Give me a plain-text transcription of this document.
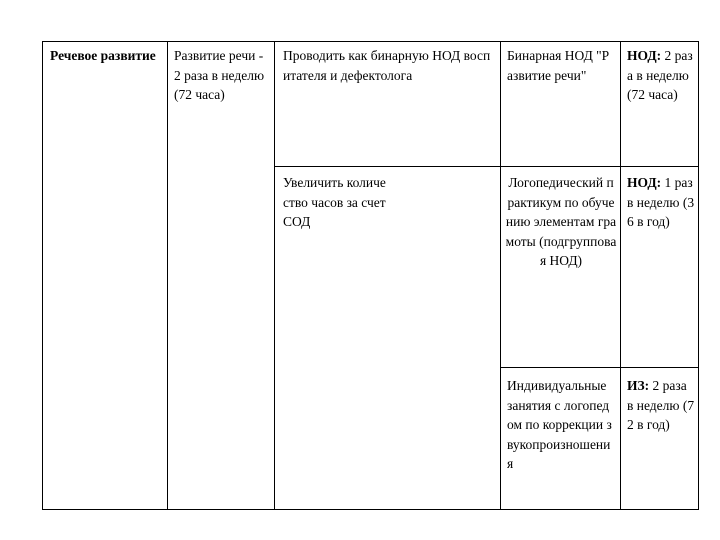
Речевое развитие	Развитие речи - 2 раза в неделю (72 часа)
Проводить как бинарную НОД воспитателя и дефектолога
Бинарная НОД "Развитие речи"
НОД: 2 раза в неделю (72 часа)
Увеличить количество часов за счет СОД
Логопедический практикум по обучению элементам грамоты (подгрупповая НОД)
НОД: 1 раз в неделю (36 в год)
Индивидуальные занятия с логопедом по коррекции звукопроизношения
ИЗ: 2 раза в неделю (72 в год)
